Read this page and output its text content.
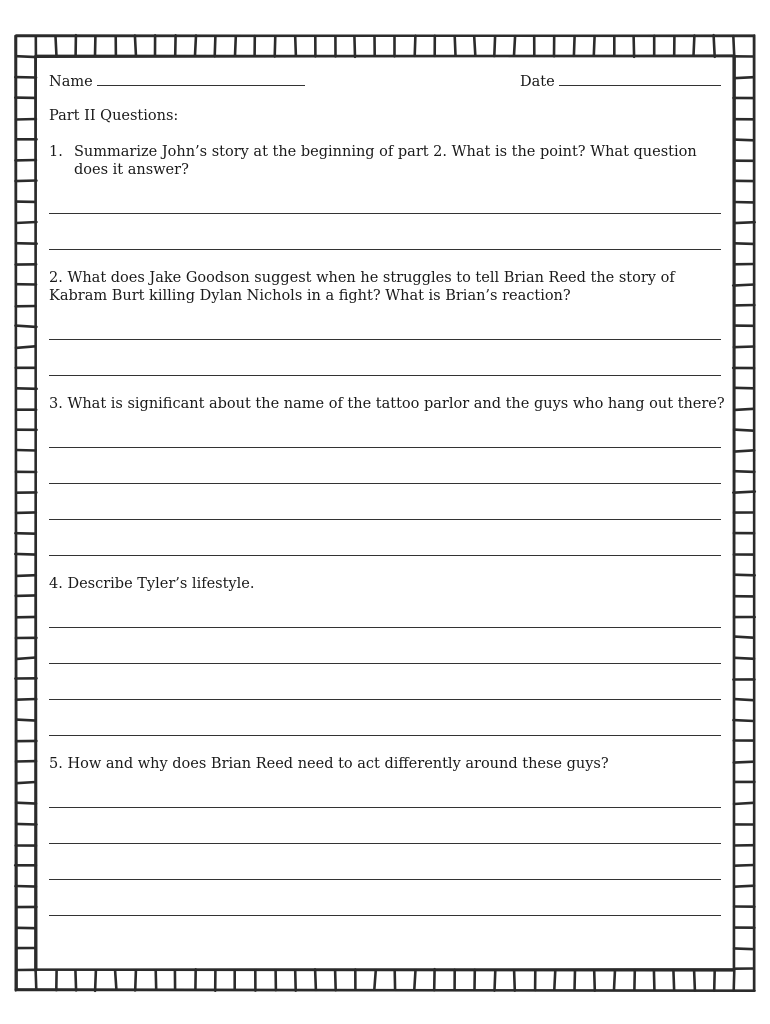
Name	Date
Part II Questions:
1. Summarize John’s story at the beginning of part 2. What is the point? What question does it answer?
2. What does Jake Goodson suggest when he struggles to tell Brian Reed the story of Kabram Burt killing Dylan Nichols in a fight? What is Brian’s reaction?
3. What is significant about the name of the tattoo parlor and the guys who hang out there?
4. Describe Tyler’s lifestyle.
5. How and why does Brian Reed need to act differently around these guys?
